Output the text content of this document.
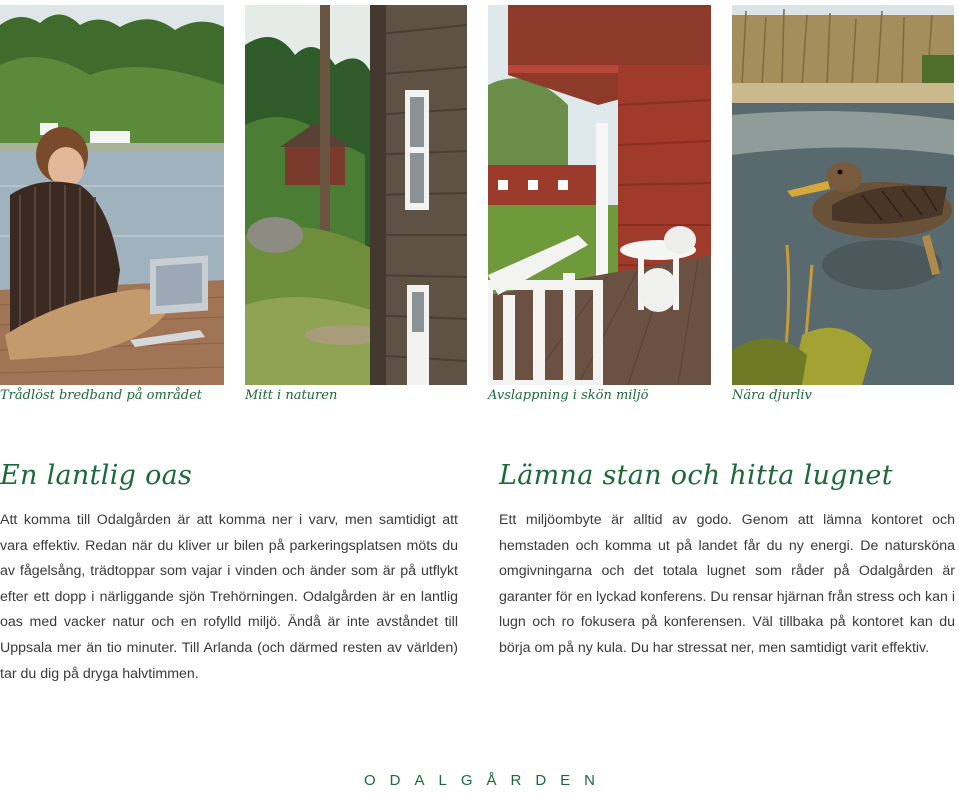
Trådlöst bredband på området	Mitt i naturen	Avslappning i skön miljö	Nära djurliv
En lantlig oas

Att komma till Odalgården är att komma ner i varv, men samtidigt att vara effektiv. Redan när du kliver ur bilen på parkeringsplatsen möts du av fågelsång, trädtoppar som vajar i vinden och änder som är på utflykt efter ett dopp i närliggande sjön Trehörningen. Odalgården är en lantlig oas med vacker natur och en rofylld miljö. Ändå är inte avståndet till Uppsala mer än tio minuter. Till Arlanda (och därmed resten av världen) tar du dig på dryga halvtimmen.

Lämna stan och hitta lugnet

Ett miljöombyte är alltid av godo. Genom att lämna kontoret och hemstaden och komma ut på landet får du ny energi. De natursköna omgivningarna och det totala lugnet som råder på Odalgården är garanter för en lyckad konferens. Du rensar hjärnan från stress och kan i lugn och ro fokusera på konferensen. Väl tillbaka på kontoret kan du börja om på ny kula. Du har stressat ner, men samtidigt varit effektiv.

ODALGÅRDEN
